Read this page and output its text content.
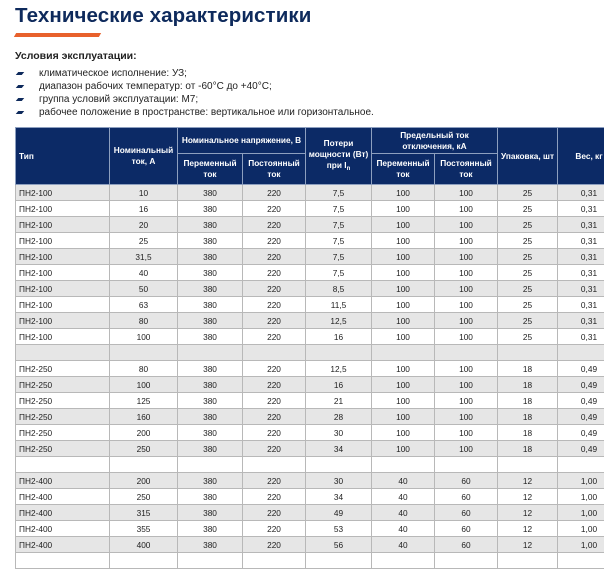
Технические характеристики
Условия эксплуатации:
климатическое исполнение: УЗ;
диапазон рабочих температур: от -60°С до +40°С;
группа условий эксплуатации: М7;
рабочее положение в пространстве: вертикальное или горизонтальное.
Тип	Номинальный ток, А	Номинальное напряжение, В		Потери мощности (Вт) при $I_n$	Предельный ток отключения, кА		Упаковка, шт	Вес, кг
		Переменный ток	Постоянный ток		Переменный ток	Постоянный ток		
ПН2-100	10	380	220	7,5	100	100	25	0,31
ПН2-100	16	380	220	7,5	100	100	25	0,31
ПН2-100	20	380	220	7,5	100	100	25	0,31
ПН2-100	25	380	220	7,5	100	100	25	0,31
ПН2-100	31,5	380	220	7,5	100	100	25	0,31
ПН2-100	40	380	220	7,5	100	100	25	0,31
ПН2-100	50	380	220	8,5	100	100	25	0,31
ПН2-100	63	380	220	11,5	100	100	25	0,31
ПН2-100	80	380	220	12,5	100	100	25	0,31
ПН2-100	100	380	220	16	100	100	25	0,31

ПН2-250	80	380	220	12,5	100	100	18	0,49
ПН2-250	100	380	220	16	100	100	18	0,49
ПН2-250	125	380	220	21	100	100	18	0,49
ПН2-250	160	380	220	28	100	100	18	0,49
ПН2-250	200	380	220	30	100	100	18	0,49
ПН2-250	250	380	220	34	100	100	18	0,49

ПН2-400	200	380	220	30	40	60	12	1,00
ПН2-400	250	380	220	34	40	60	12	1,00
ПН2-400	315	380	220	49	40	60	12	1,00
ПН2-400	355	380	220	53	40	60	12	1,00
ПН2-400	400	380	220	56	40	60	12	1,00
